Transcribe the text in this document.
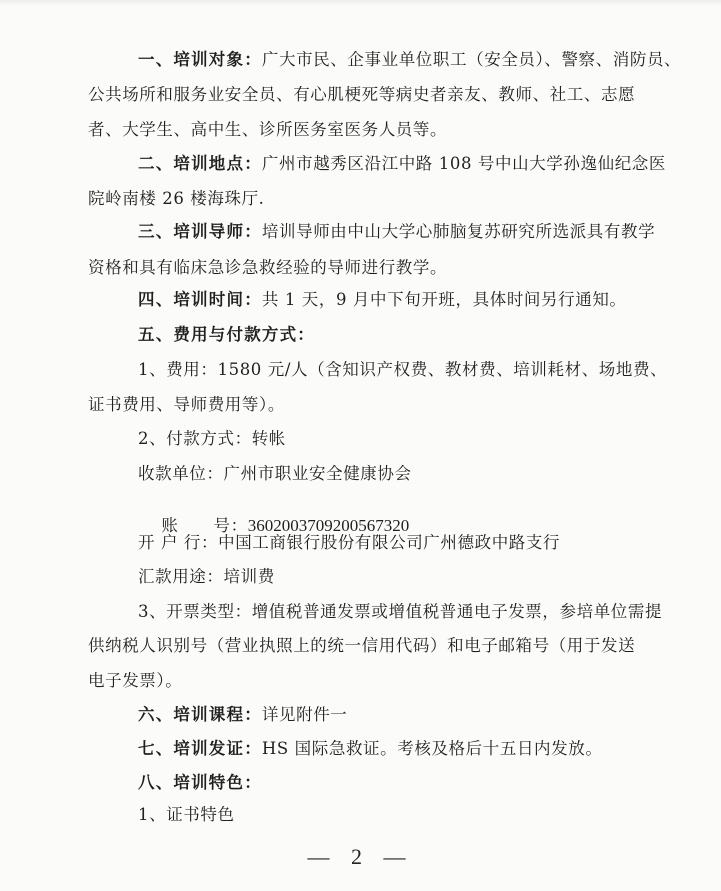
一、培训对象：广大市民、企事业单位职工（安全员）、警察、消防员、
公共场所和服务业安全员、有心肌梗死等病史者亲友、教师、社工、志愿
者、大学生、高中生、诊所医务室医务人员等。
二、培训地点：广州市越秀区沿江中路 108 号中山大学孙逸仙纪念医
院岭南楼 26 楼海珠厅.
三、培训导师：培训导师由中山大学心肺脑复苏研究所选派具有教学
资格和具有临床急诊急救经验的导师进行教学。
四、培训时间：共 1 天，9 月中下旬开班，具体时间另行通知。
五、费用与付款方式：
1、费用：1580 元/人（含知识产权费、教材费、培训耗材、场地费、
证书费用、导师费用等）。
2、付款方式：转帐
收款单位：广州市职业安全健康协会

账      号：3602003709200567320

开 户 行：中国工商银行股份有限公司广州德政中路支行
汇款用途：培训费
3、开票类型：增值税普通发票或增值税普通电子发票，参培单位需提
供纳税人识别号（营业执照上的统一信用代码）和电子邮箱号（用于发送
电子发票）。
六、培训课程：详见附件一
七、培训发证：HS 国际急救证。考核及格后十五日内发放。
八、培训特色：
1、证书特色
— 2 —
